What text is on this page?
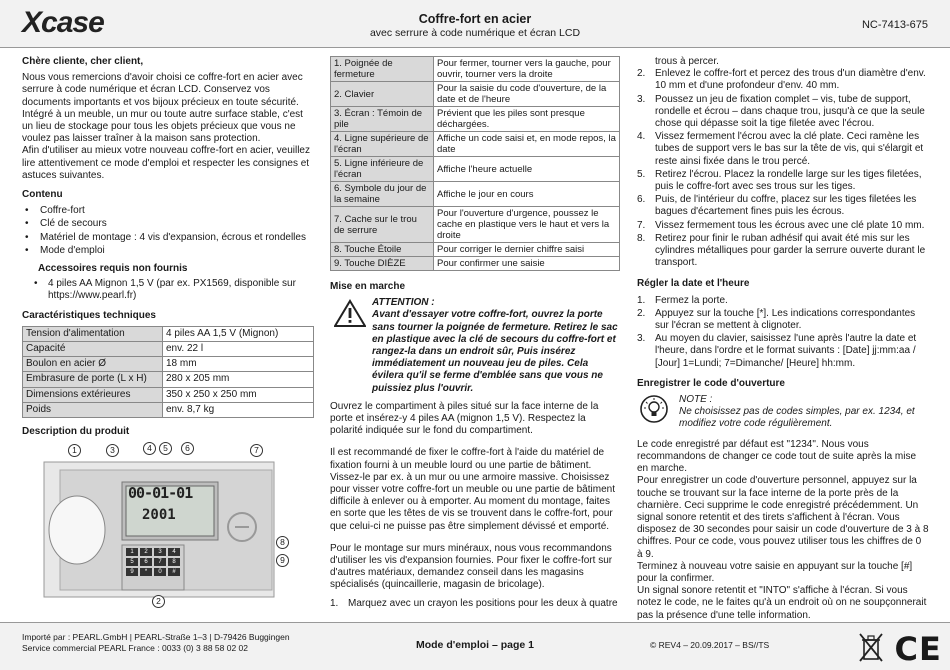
Xcase	Coffre-fort en acier
avec serrure à code numérique et écran LCD
NC-7413-675
Chère cliente, cher client,

Nous vous remercions d'avoir choisi ce coffre-fort en acier avec serrure à code numérique et écran LCD. Conservez vos documents importants et vos bijoux précieux en toute sécurité. Intégré à un meuble, un mur ou toute autre surface stable, c'est un lieu de stockage pour tous les objets précieux que vous ne voulez pas laisser traîner à la maison sans protection.

Afin d'utiliser au mieux votre nouveau coffre-fort en acier, veuillez lire attentivement ce mode d'emploi et respecter les consignes et astuces suivantes.

Contenu
• Coffre-fort
• Clé de secours
• Matériel de montage : 4 vis d'expansion, écrous et rondelles
• Mode d'emploi
Accessoires requis non fournis
• 4 piles AA Mignon 1,5 V (par ex. PX1569, disponible sur https://www.pearl.fr)
Caractéristiques techniques
Tension d'alimentation	4 piles AA 1,5 V (Mignon)
Capacité	env. 22 l
Boulon en acier Ø	18 mm
Embrasure de porte (L x H)	280 x 205 mm
Dimensions extérieures	350 x 250 x 250 mm
Poids	env. 8,7 kg
Description du produit
00-01-01
2001
1	2	3	4
5	6	7	8
9	*	0	#
1	3	4	5	6	7
8
9
2
1. Poignée de fermeture	Pour fermer, tourner vers la gauche, pour ouvrir, tourner vers la droite
2. Clavier	Pour la saisie du code d'ouverture, de la date et de l'heure
3. Écran : Témoin de pile	Prévient que les piles sont presque déchargées.
4. Ligne supérieure de l'écran	Affiche un code saisi et, en mode repos, la date
5. Ligne inférieure de l'écran	Affiche l'heure actuelle
6. Symbole du jour de la semaine	Affiche le jour en cours
7. Cache sur le trou de serrure	Pour l'ouverture d'urgence, poussez le cache en plastique vers le haut et vers la droite
8. Touche Étoile	Pour corriger le dernier chiffre saisi
9. Touche DIÈZE	Pour confirmer une saisie
Mise en marche
ATTENTION :
Avant d'essayer votre coffre-fort, ouvrez la porte sans tourner la poignée de fermeture. Retirez le sac en plastique avec la clé de secours du coffre-fort et rangez-la dans un endroit sûr, Puis insérez immédiatement un nouveau jeu de piles. Cela évilera qu'il se ferme d'emblée sans que vous ne puissiez plus l'ouvrir.

Ouvrez le compartiment à piles situé sur la face interne de la porte et insérez-y 4 piles AA (mignon 1,5 V). Respectez la polarité indiquée sur le fond du compartiment.

Il est recommandé de fixer le coffre-fort à l'aide du matériel de fixation fourni à un meuble lourd ou une partie de bâtiment. Vissez-le par ex. à un mur ou une armoire massive. Choisissez pour visser votre coffre-fort un meuble ou une partie de bâtiment difficile à enlever ou à emporter. Au moment du montage, faites en sorte que les têtes de vis se trouvent dans le coffre-fort, pour que celui-ci ne puisse pas être simplement dévissé et emporté.

Pour le montage sur murs minéraux, nous vous recommandons d'utiliser les vis d'expansion fournies. Pour fixer le coffre-fort sur d'autres matériaux, demandez conseil dans les magasins spécialisés (quincaillerie, magasin de bricolage).

1. Marquez avec un crayon les positions pour les deux à quatre
trous à percer.
2. Enlevez le coffre-fort et percez des trous d'un diamètre d'env. 10 mm et d'une profondeur d'env. 40 mm.
3. Poussez un jeu de fixation complet – vis, tube de support, rondelle et écrou – dans chaque trou, jusqu'à ce que la seule chose qui dépasse soit la tige filetée avec l'écrou.
4. Vissez fermement l'écrou avec la clé plate. Ceci ramène les tubes de support vers le bas sur la tête de vis, qui s'élargit et reste ainsi fixée dans le trou percé.
5. Retirez l'écrou. Placez la rondelle large sur les tiges filetées, puis le coffre-fort avec ses trous sur les tiges.
6. Puis, de l'intérieur du coffre, placez sur les tiges filetées les bagues d'écartement fines puis les écrous.
7. Vissez fermement tous les écrous avec une clé plate 10 mm.
8. Retirez pour finir le ruban adhésif qui avait été mis sur les cylindres métalliques pour garder la serrure ouverte durant le transport.
Régler la date et l'heure
1. Fermez la porte.
2. Appuyez sur la touche [*]. Les indications correspondantes sur l'écran se mettent à clignoter.
3. Au moyen du clavier, saisissez l'une après l'autre la date et l'heure, dans l'ordre et le format suivants : [Date] jj:mm:aa / [Jour] 1=Lundi; 7=Dimanche/ [Heure] hh:mm.
Enregistrer le code d'ouverture
NOTE :
Ne choisissez pas de codes simples, par ex. 1234, et modifiez votre code régulièrement.

Le code enregistré par défaut est "1234". Nous vous recommandons de changer ce code tout de suite après la mise en marche.

Pour enregistrer un code d'ouverture personnel, appuyez sur la touche se trouvant sur la face interne de la porte près de la charnière. Ceci supprime le code enregistré précédemment. Un signal sonore retentit et des tirets s'affichent à l'écran. Vous disposez de 30 secondes pour saisir un code d'ouverture de 3 à 8 chiffres. Pour ce code, vous pouvez utiliser tous les chiffres de 0 à 9.

Terminez à nouveau votre saisie en appuyant sur la touche [#] pour la confirmer.

Un signal sonore retentit et "INTO" s'affiche à l'écran. Si vous notez le code, ne le faites qu'à un endroit où on ne soupçonnerait pas la présence d'une telle information.

Importé par : PEARL.GmbH | PEARL-Straße 1–3 | D-79426 Buggingen
Service commercial PEARL France : 0033 (0) 3 88 58 02 02	Mode d'emploi – page 1	© REV4 – 20.09.2017 – BS//TS	CE
